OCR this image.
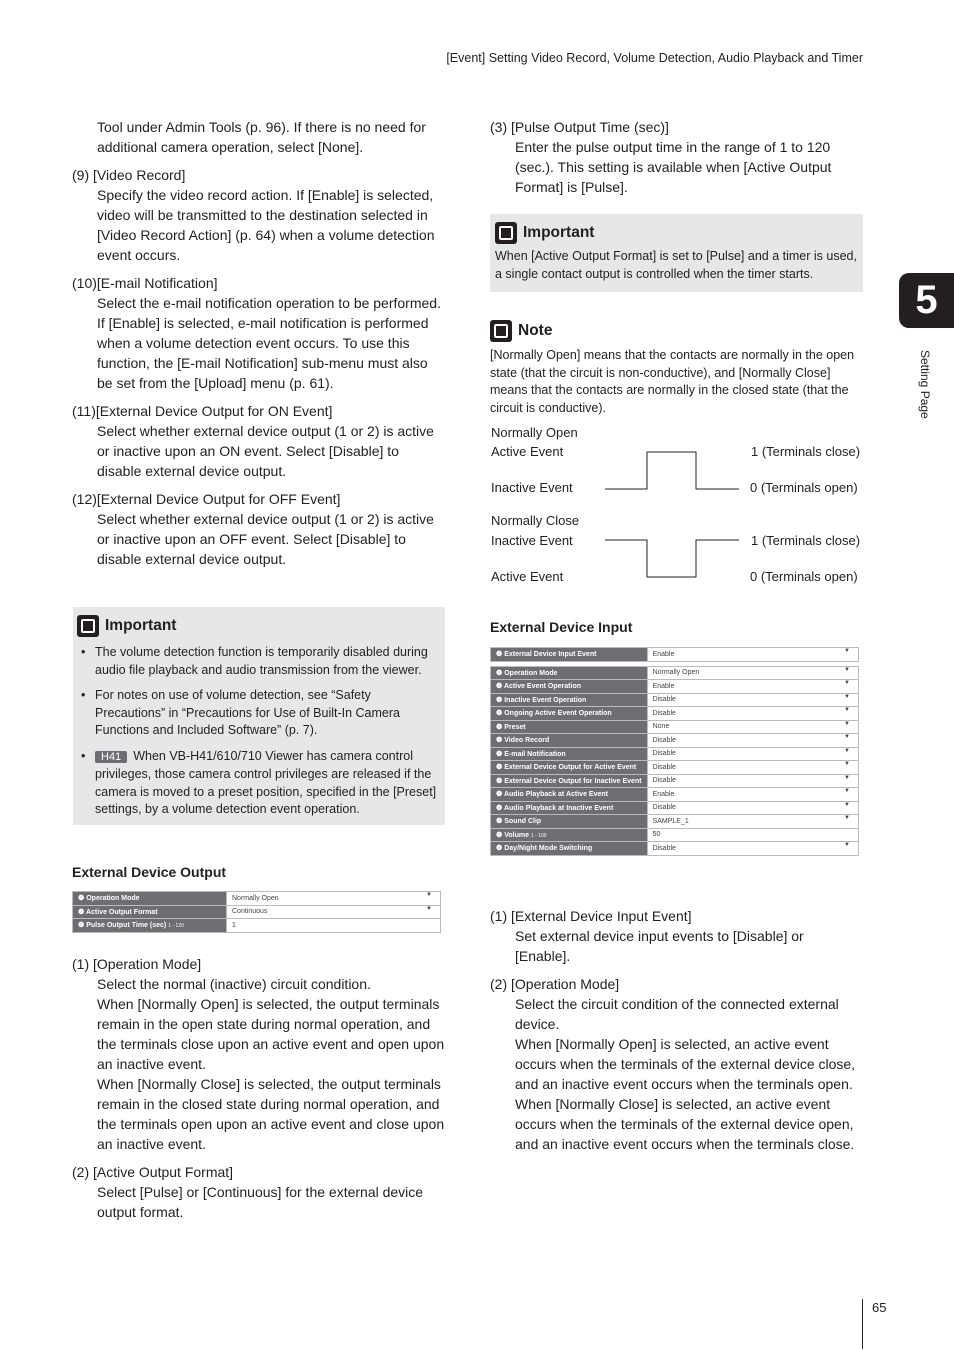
[Event] Setting Video Record, Volume Detection, Audio Playback and Timer
Tool under Admin Tools (p. 96). If there is no need for additional camera operation, select [None].
(9) [Video Record]
Specify the video record action. If [Enable] is selected, video will be transmitted to the destination selected in [Video Record Action] (p. 64) when a volume detection event occurs.
(10)[E-mail Notification]
Select the e-mail notification operation to be performed. If [Enable] is selected, e-mail notification is performed when a volume detection event occurs. To use this function, the [E-mail Notification] sub-menu must also be set from the [Upload] menu (p. 61).
(11)[External Device Output for ON Event]
Select whether external device output (1 or 2) is active or inactive upon an ON event. Select [Disable] to disable external device output.
(12)[External Device Output for OFF Event]
Select whether external device output (1 or 2) is active or inactive upon an OFF event. Select [Disable] to disable external device output.
Important
• The volume detection function is temporarily disabled during audio file playback and audio transmission from the viewer.
• For notes on use of volume detection, see “Safety Precautions” in “Precautions for Use of Built-In Camera Functions and Included Software” (p. 7).
• H41 When VB-H41/610/710 Viewer has camera control privileges, those camera control privileges are released if the camera is moved to a preset position, specified in the [Preset] settings, by a volume detection event operation.
External Device Output
❷ Operation Mode	Normally Open ▼

❷ Active Output Format	Continuous ▼

❷ Pulse Output Time (sec) 1 - 120	1
(1) [Operation Mode]
Select the normal (inactive) circuit condition.
When [Normally Open] is selected, the output terminals remain in the open state during normal operation, and the terminals close upon an active event and open upon an inactive event.
When [Normally Close] is selected, the output terminals remain in the closed state during normal operation, and the terminals open upon an active event and close upon an inactive event.
(2) [Active Output Format]
Select [Pulse] or [Continuous] for the external device output format.
(3) [Pulse Output Time (sec)]
Enter the pulse output time in the range of 1 to 120 (sec.). This setting is available when [Active Output Format] is [Pulse].
Important
When [Active Output Format] is set to [Pulse] and a timer is used, a single contact output is controlled when the timer starts.
Note
[Normally Open] means that the contacts are normally in the open state (that the circuit is non-conductive), and [Normally Close] means that the contacts are normally in the closed state (that the circuit is conductive).
Normally Open
Active Event
Inactive Event
1 (Terminals close)
0 (Terminals open)
Normally Close
Inactive Event
Active Event
1 (Terminals close)
0 (Terminals open)
External Device Input
❷ External Device Input Event	Enable ▼

❷ Operation Mode	Normally Open ▼

❷ Active Event Operation	Enable ▼

❷ Inactive Event Operation	Disable ▼

❷ Ongoing Active Event Operation	Disable ▼

❷ Preset	None ▼

❷ Video Record	Disable ▼

❷ E-mail Notification	Disable ▼

❷ External Device Output for Active Event	Disable ▼

❷ External Device Output for Inactive Event	Disable ▼

❷ Audio Playback at Active Event	Enable ▼

❷ Audio Playback at Inactive Event	Disable ▼

❷ Sound Clip	SAMPLE_1 ▼

❷ Volume 1 - 100	50
❷ Day/Night Mode Switching	Disable ▼
(1) [External Device Input Event]
Set external device input events to [Disable] or [Enable].
(2) [Operation Mode]
Select the circuit condition of the connected external device.
When [Normally Open] is selected, an active event occurs when the terminals of the external device close, and an inactive event occurs when the terminals open.
When [Normally Close] is selected, an active event occurs when the terminals of the external device open, and an inactive event occurs when the terminals close.
5
Setting Page
65
